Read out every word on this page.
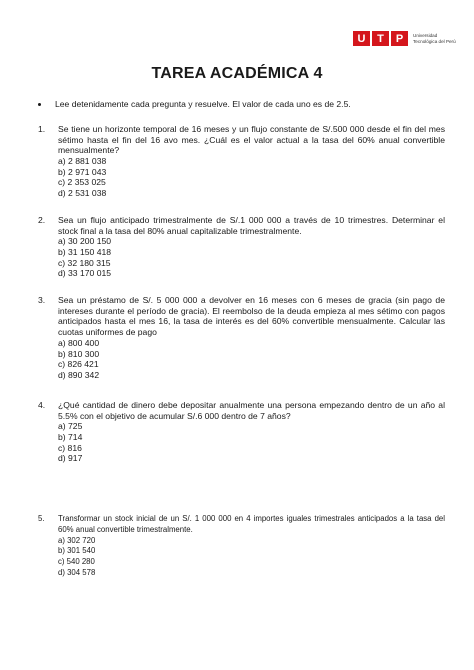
U	T	P	Universidad Tecnológica del Perú
TAREA ACADÉMICA 4
Lee detenidamente cada pregunta y resuelve. El valor de cada uno es de 2.5.
1. Se tiene un horizonte temporal de 16 meses y un flujo constante de S/.500 000 desde el fin del mes sétimo hasta el fin del 16 avo mes. ¿Cuál es el valor actual a la tasa del 60% anual convertible mensualmente?
a) 2 881 038
b) 2 971 043
c) 2 353 025
d) 2 531 038
2. Sea un flujo anticipado trimestralmente de S/.1 000 000 a través de 10 trimestres. Determinar el stock final a la tasa del 80% anual capitalizable trimestralmente.
a) 30 200 150
b) 31 150 418
c) 32 180 315
d) 33 170 015
3. Sea un préstamo de S/. 5 000 000 a devolver en 16 meses con 6 meses de gracia (sin pago de intereses durante el período de gracia). El reembolso de la deuda empieza al mes sétimo con pagos anticipados hasta el mes 16, la tasa de interés es del 60% convertible mensualmente. Calcular las cuotas uniformes de pago
a) 800 400
b) 810 300
c) 826 421
d) 890 342
4. ¿Qué cantidad de dinero debe depositar anualmente una persona empezando dentro de un año al 5.5% con el objetivo de acumular S/.6 000 dentro de 7 años?
a) 725
b) 714
c) 816
d) 917
5. Transformar un stock inicial de un S/. 1 000 000 en 4 importes iguales trimestrales anticipados a la tasa del 60% anual convertible trimestralmente.
a) 302 720
b) 301 540
c) 540 280
d) 304 578
